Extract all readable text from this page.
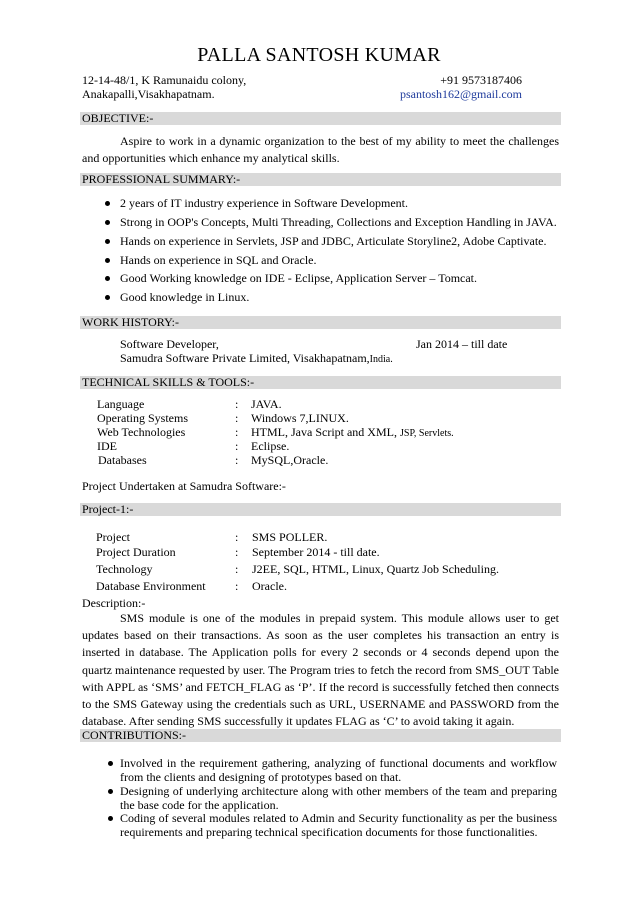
PALLA SANTOSH KUMAR
12-14-48/1, K Ramunaidu colony,
Anakapalli,Visakhapatnam.
+91 9573187406
psantosh162@gmail.com
OBJECTIVE:-
Aspire to work in a dynamic organization to the best of my ability to meet the challenges and opportunities which enhance my analytical skills.
PROFESSIONAL SUMMARY:-
2 years of IT industry experience in Software Development.
Strong in OOP's Concepts, Multi Threading, Collections and Exception Handling in JAVA.
Hands on experience in Servlets, JSP and JDBC, Articulate Storyline2, Adobe Captivate.
Hands on experience in SQL and Oracle.
Good Working knowledge on IDE - Eclipse, Application Server – Tomcat.
Good knowledge in Linux.
WORK HISTORY:-
Software Developer,	Jan 2014 – till date
Samudra Software Private Limited, Visakhapatnam,India.
TECHNICAL SKILLS & TOOLS:-
Language	: JAVA.
Operating Systems	: Windows 7,LINUX.
Web Technologies	: HTML, Java Script and XML, JSP, Servlets.
IDE	: Eclipse.
Databases	: MySQL,Oracle.
Project Undertaken at Samudra Software:-
Project-1:-
Project	: SMS POLLER.
Project Duration	: September 2014 - till date.
Technology	: J2EE, SQL, HTML, Linux, Quartz Job Scheduling.
Database Environment : Oracle.
Description:-
SMS module is one of the modules in prepaid system. This module allows user to get updates based on their transactions. As soon as the user completes his transaction an entry is inserted in database. The Application polls for every 2 seconds or 4 seconds depend upon the quartz maintenance requested by user. The Program tries to fetch the record from SMS_OUT Table with APPL as ‘SMS’ and FETCH_FLAG as ‘P’. If the record is successfully fetched then connects to the SMS Gateway using the credentials such as URL, USERNAME and PASSWORD from the database. After sending SMS successfully it updates FLAG as ‘C’ to avoid taking it again.
CONTRIBUTIONS:-
Involved in the requirement gathering, analyzing of functional documents and workflow from the clients and designing of prototypes based on that.
Designing of underlying architecture along with other members of the team and preparing the base code for the application.
Coding of several modules related to Admin and Security functionality as per the business requirements and preparing technical specification documents for those functionalities.
